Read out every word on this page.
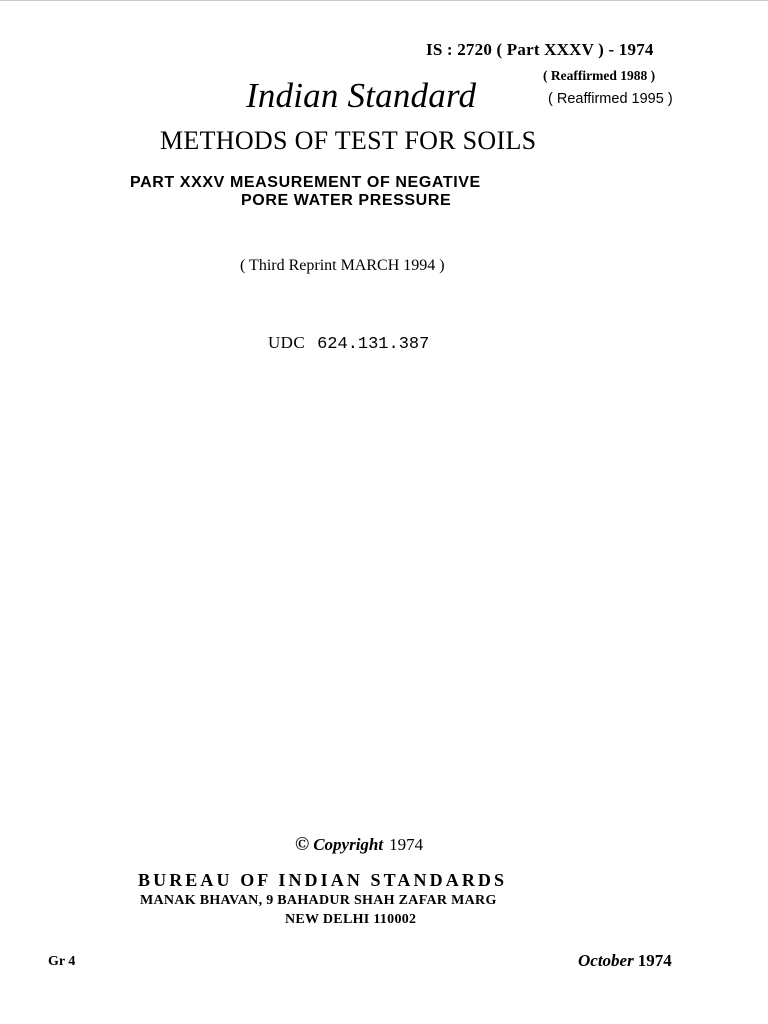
IS : 2720 ( Part XXXV ) - 1974
( Reaffirmed 1988 )
( Reaffirmed 1995 )
Indian Standard
METHODS OF TEST FOR SOILS
PART XXXV MEASUREMENT OF NEGATIVE
PORE WATER PRESSURE
( Third Reprint MARCH 1994 )
UDC 624.131.387
© Copyright 1974
BUREAU OF INDIAN STANDARDS
MANAK BHAVAN, 9 BAHADUR SHAH ZAFAR MARG
NEW DELHI 110002
Gr 4	October 1974
